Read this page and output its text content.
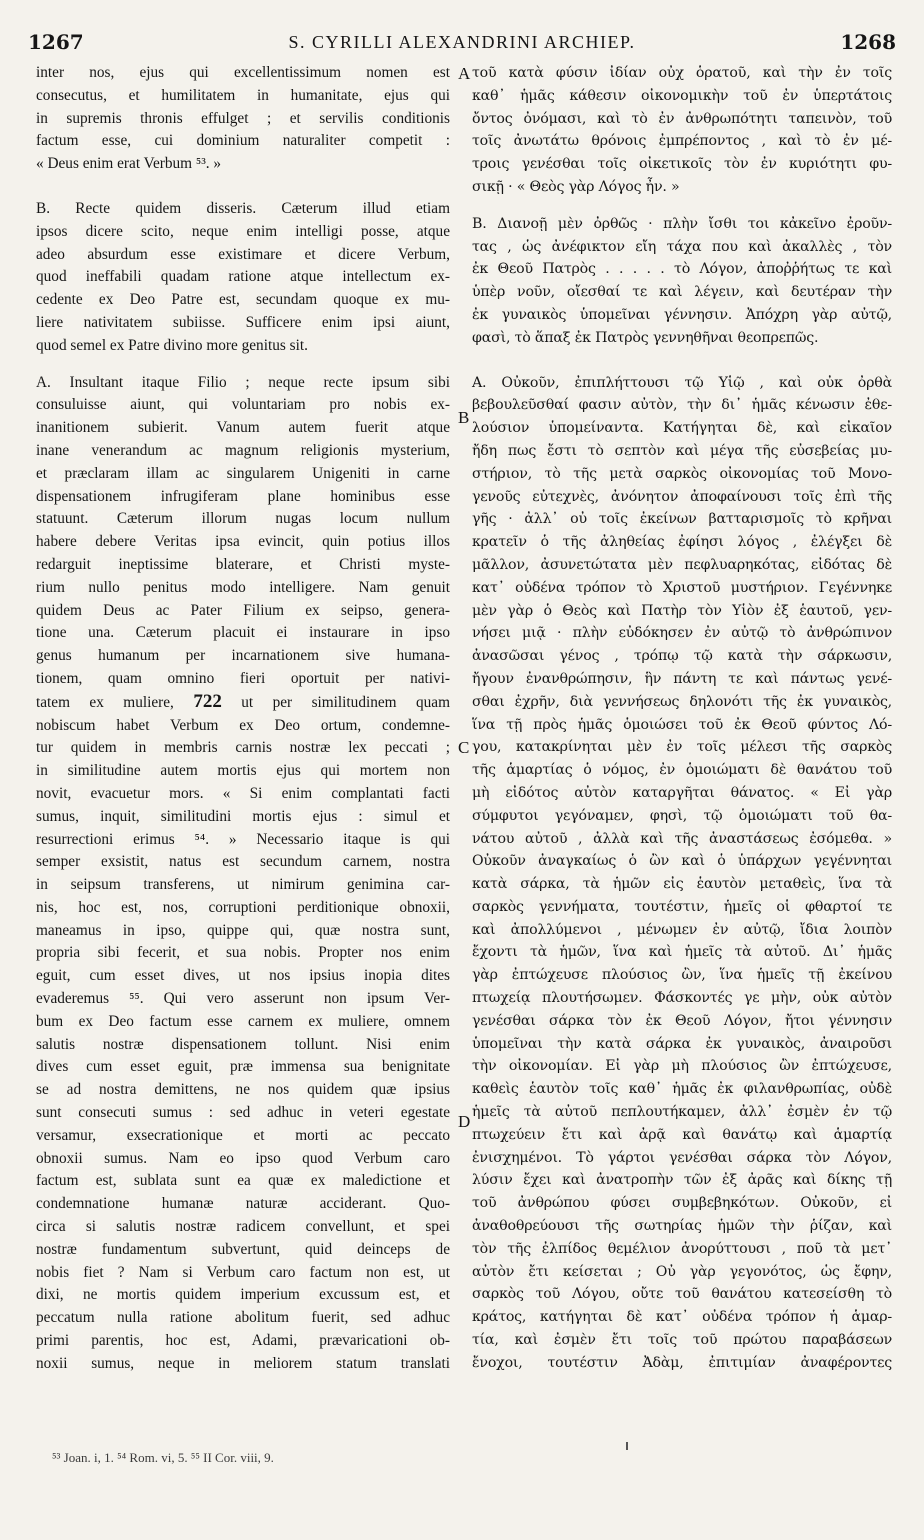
1267	S. CYRILLI ALEXANDRINI ARCHIEP.	1268

inter nos, ejus qui excellentissimum nomen est

consecutus, et humilitatem in humanitate, ejus qui

in supremis thronis effulget ; et servilis conditionis

factum esse, cui dominium naturaliter competit :

« Deus enim erat Verbum ⁵³. »

B. Recte quidem disseris. Cæterum illud etiam

ipsos dicere scito, neque enim intelligi posse, atque

adeo absurdum esse existimare et dicere Verbum,

quod ineffabili quadam ratione atque intellectum ex-

cedente ex Deo Patre est, secundam quoque ex mu-

liere nativitatem subiisse. Sufficere enim ipsi aiunt,

quod semel ex Patre divino more genitus sit.

A. Insultant itaque Filio ; neque recte ipsum sibi

consuluisse aiunt, qui voluntariam pro nobis ex-

inanitionem subierit. Vanum autem fuerit atque

inane venerandum ac magnum religionis mysterium,

et præclaram illam ac singularem Unigeniti in carne

dispensationem infrugiferam plane hominibus esse

statuunt. Cæterum illorum nugas locum nullum

habere debere Veritas ipsa evincit, quin potius illos

redarguit ineptissime blaterare, et Christi myste-

rium nullo penitus modo intelligere. Nam genuit

quidem Deus ac Pater Filium ex seipso, genera-

tione una. Cæterum placuit ei instaurare in ipso

genus humanum per incarnationem sive humana-

tionem, quam omnino fieri oportuit per nativi-

tatem ex muliere, 722 ut per similitudinem quam

nobiscum habet Verbum ex Deo ortum, condemne-

tur quidem in membris carnis nostræ lex peccati ;

in similitudine autem mortis ejus qui mortem non

novit, evacuetur mors. « Si enim complantati facti

sumus, inquit, similitudini mortis ejus : simul et

resurrectioni erimus ⁵⁴. » Necessario itaque is qui

semper exsistit, natus est secundum carnem, nostra

in seipsum transferens, ut nimirum genimina car-

nis, hoc est, nos, corruptioni perditionique obnoxii,

maneamus in ipso, quippe qui, quæ nostra sunt,

propria sibi fecerit, et sua nobis. Propter nos enim

eguit, cum esset dives, ut nos ipsius inopia dites

evaderemus ⁵⁵. Qui vero asserunt non ipsum Ver-

bum ex Deo factum esse carnem ex muliere, omnem

salutis nostræ dispensationem tollunt. Nisi enim

dives cum esset eguit, præ immensa sua benignitate

se ad nostra demittens, ne nos quidem quæ ipsius

sunt consecuti sumus : sed adhuc in veteri egestate

versamur, exsecrationique et morti ac peccato

obnoxii sumus. Nam eo ipso quod Verbum caro

factum est, sublata sunt ea quæ ex maledictione et

condemnatione humanæ naturæ acciderant. Quo-

circa si salutis nostræ radicem convellunt, et spei

nostræ fundamentum subvertunt, quid deinceps de

nobis fiet ? Nam si Verbum caro factum non est, ut

dixi, ne mortis quidem imperium excussum est, et

peccatum nulla ratione abolitum fuerit, sed adhuc

primi parentis, hoc est, Adami, prævaricationi ob-

noxii sumus, neque in meliorem statum translati

τοῦ κατὰ φύσιν ἰδίαν οὐχ ὁρατοῦ, καὶ τὴν ἐν τοῖς

καθ᾽ ἡμᾶς κάθεσιν οἰκονομικὴν τοῦ ἐν ὑπερτάτοις

ὄντος ὀνόμασι, καὶ τὸ ἐν ἀνθρωπότητι ταπεινὸν, τοῦ

τοῖς ἀνωτάτω θρόνοις ἐμπρέποντος , καὶ τὸ ἐν μέ-

τροις γενέσθαι τοῖς οἰκετικοῖς τὸν ἐν κυριότητι φυ-

σικῇ · « Θεὸς γὰρ Λόγος ἦν. »

Β. Διανοῇ μὲν ὀρθῶς · πλὴν ἴσθι τοι κἀκεῖνο ἐροῦν-

τας , ὡς ἀνέφικτον εἴη τάχα που καὶ ἀκαλλὲς , τὸν

ἐκ Θεοῦ Πατρὸς . . . . . τὸ Λόγον, ἀποῤῥήτως τε καὶ

ὑπὲρ νοῦν, οἴεσθαί τε καὶ λέγειν, καὶ δευτέραν τὴν

ἐκ γυναικὸς ὑπομεῖναι γέννησιν. Ἀπόχρη γὰρ αὐτῷ,

φασὶ, τὸ ἅπαξ ἐκ Πατρὸς γεννηθῆναι θεοπρεπῶς.

Α. Οὐκοῦν, ἐπιπλήττουσι τῷ Υἱῷ , καὶ οὐκ ὀρθὰ

βεβουλεῦσθαί φασιν αὐτὸν, τὴν δι᾽ ἡμᾶς κένωσιν ἐθε-

λούσιον ὑπομείναντα. Κατήγηται δὲ, καὶ εἰκαῖον

ἤδη πως ἔστι τὸ σεπτὸν καὶ μέγα τῆς εὐσεβείας μυ-

στήριον, τὸ τῆς μετὰ σαρκὸς οἰκονομίας τοῦ Μονο-

γενοῦς εὐτεχνὲς, ἀνόνητον ἀποφαίνουσι τοῖς ἐπὶ τῆς

γῆς · ἀλλ᾽ οὐ τοῖς ἐκείνων βατταρισμοῖς τὸ κρῆναι

κρατεῖν ὁ τῆς ἀληθείας ἐφίησι λόγος , ἐλέγξει δὲ

μᾶλλον, ἀσυνετώτατα μὲν πεφλυαρηκότας, εἰδότας δὲ

κατ᾽ οὐδένα τρόπον τὸ Χριστοῦ μυστήριον. Γεγέννηκε

μὲν γὰρ ὁ Θεὸς καὶ Πατὴρ τὸν Υἱὸν ἐξ ἑαυτοῦ, γεν-

νήσει μιᾷ · πλὴν εὐδόκησεν ἐν αὐτῷ τὸ ἀνθρώπινον

ἀνασῶσαι γένος , τρόπῳ τῷ κατὰ τὴν σάρκωσιν,

ἤγουν ἐνανθρώπησιν, ἣν πάντη τε καὶ πάντως γενέ-

σθαι ἐχρῆν, διὰ γεννήσεως δηλονότι τῆς ἐκ γυναικὸς,

ἵνα τῇ πρὸς ἡμᾶς ὁμοιώσει τοῦ ἐκ Θεοῦ φύντος Λό-

γου, κατακρίνηται μὲν ἐν τοῖς μέλεσι τῆς σαρκὸς

τῆς ἁμαρτίας ὁ νόμος, ἐν ὁμοιώματι δὲ θανάτου τοῦ

μὴ εἰδότος αὐτὸν καταργῆται θάνατος. « Εἰ γὰρ

σύμφυτοι γεγόναμεν, φησὶ, τῷ ὁμοιώματι τοῦ θα-

νάτου αὐτοῦ , ἀλλὰ καὶ τῆς ἀναστάσεως ἐσόμεθα. »

Οὐκοῦν ἀναγκαίως ὁ ὢν καὶ ὁ ὑπάρχων γεγέννηται

κατὰ σάρκα, τὰ ἡμῶν εἰς ἑαυτὸν μεταθεὶς, ἵνα τὰ

σαρκὸς γεννήματα, τουτέστιν, ἡμεῖς οἱ φθαρτοί τε

καὶ ἀπολλύμενοι , μένωμεν ἐν αὐτῷ, ἴδια λοιπὸν

ἔχοντι τὰ ἡμῶν, ἵνα καὶ ἡμεῖς τὰ αὐτοῦ. Δι᾽ ἡμᾶς

γὰρ ἐπτώχευσε πλούσιος ὢν, ἵνα ἡμεῖς τῇ ἐκείνου

πτωχείᾳ πλουτήσωμεν. Φάσκοντές γε μὴν, οὐκ αὐτὸν

γενέσθαι σάρκα τὸν ἐκ Θεοῦ Λόγον, ἤτοι γέννησιν

ὑπομεῖναι τὴν κατὰ σάρκα ἐκ γυναικὸς, ἀναιροῦσι

τὴν οἰκονομίαν. Εἰ γὰρ μὴ πλούσιος ὢν ἐπτώχευσε,

καθεὶς ἑαυτὸν τοῖς καθ᾽ ἡμᾶς ἐκ φιλανθρωπίας, οὐδὲ

ἡμεῖς τὰ αὐτοῦ πεπλουτήκαμεν, ἀλλ᾽ ἐσμὲν ἐν τῷ

πτωχεύειν ἔτι καὶ ἀρᾷ καὶ θανάτῳ καὶ ἁμαρτίᾳ

ἐνισχημένοι. Τὸ γάρτοι γενέσθαι σάρκα τὸν Λόγον,

λύσιν ἔχει καὶ ἀνατροπὴν τῶν ἐξ ἀρᾶς καὶ δίκης τῇ

τοῦ ἀνθρώπου φύσει συμβεβηκότων. Οὐκοῦν, εἰ

ἀναθοθρεύουσι τῆς σωτηρίας ἡμῶν τὴν ῥίζαν, καὶ

τὸν τῆς ἐλπίδος θεμέλιον ἀνορύττουσι , ποῦ τὰ μετ᾽

αὐτὸν ἔτι κείσεται ; Οὐ γὰρ γεγονότος, ὡς ἔφην,

σαρκὸς τοῦ Λόγου, οὔτε τοῦ θανάτου κατεσείσθη τὸ

κράτος, κατήγηται δὲ κατ᾽ οὐδένα τρόπον ἡ ἁμαρ-

τία, καὶ ἐσμὲν ἔτι τοῖς τοῦ πρώτου παραβάσεων

ἔνοχοι, τουτέστιν Ἀδὰμ, ἐπιτιμίαν ἀναφέροντες

A
B
C
D
⁵³ Joan. i, 1. ⁵⁴ Rom. vi, 5. ⁵⁵ II Cor. viii, 9.
